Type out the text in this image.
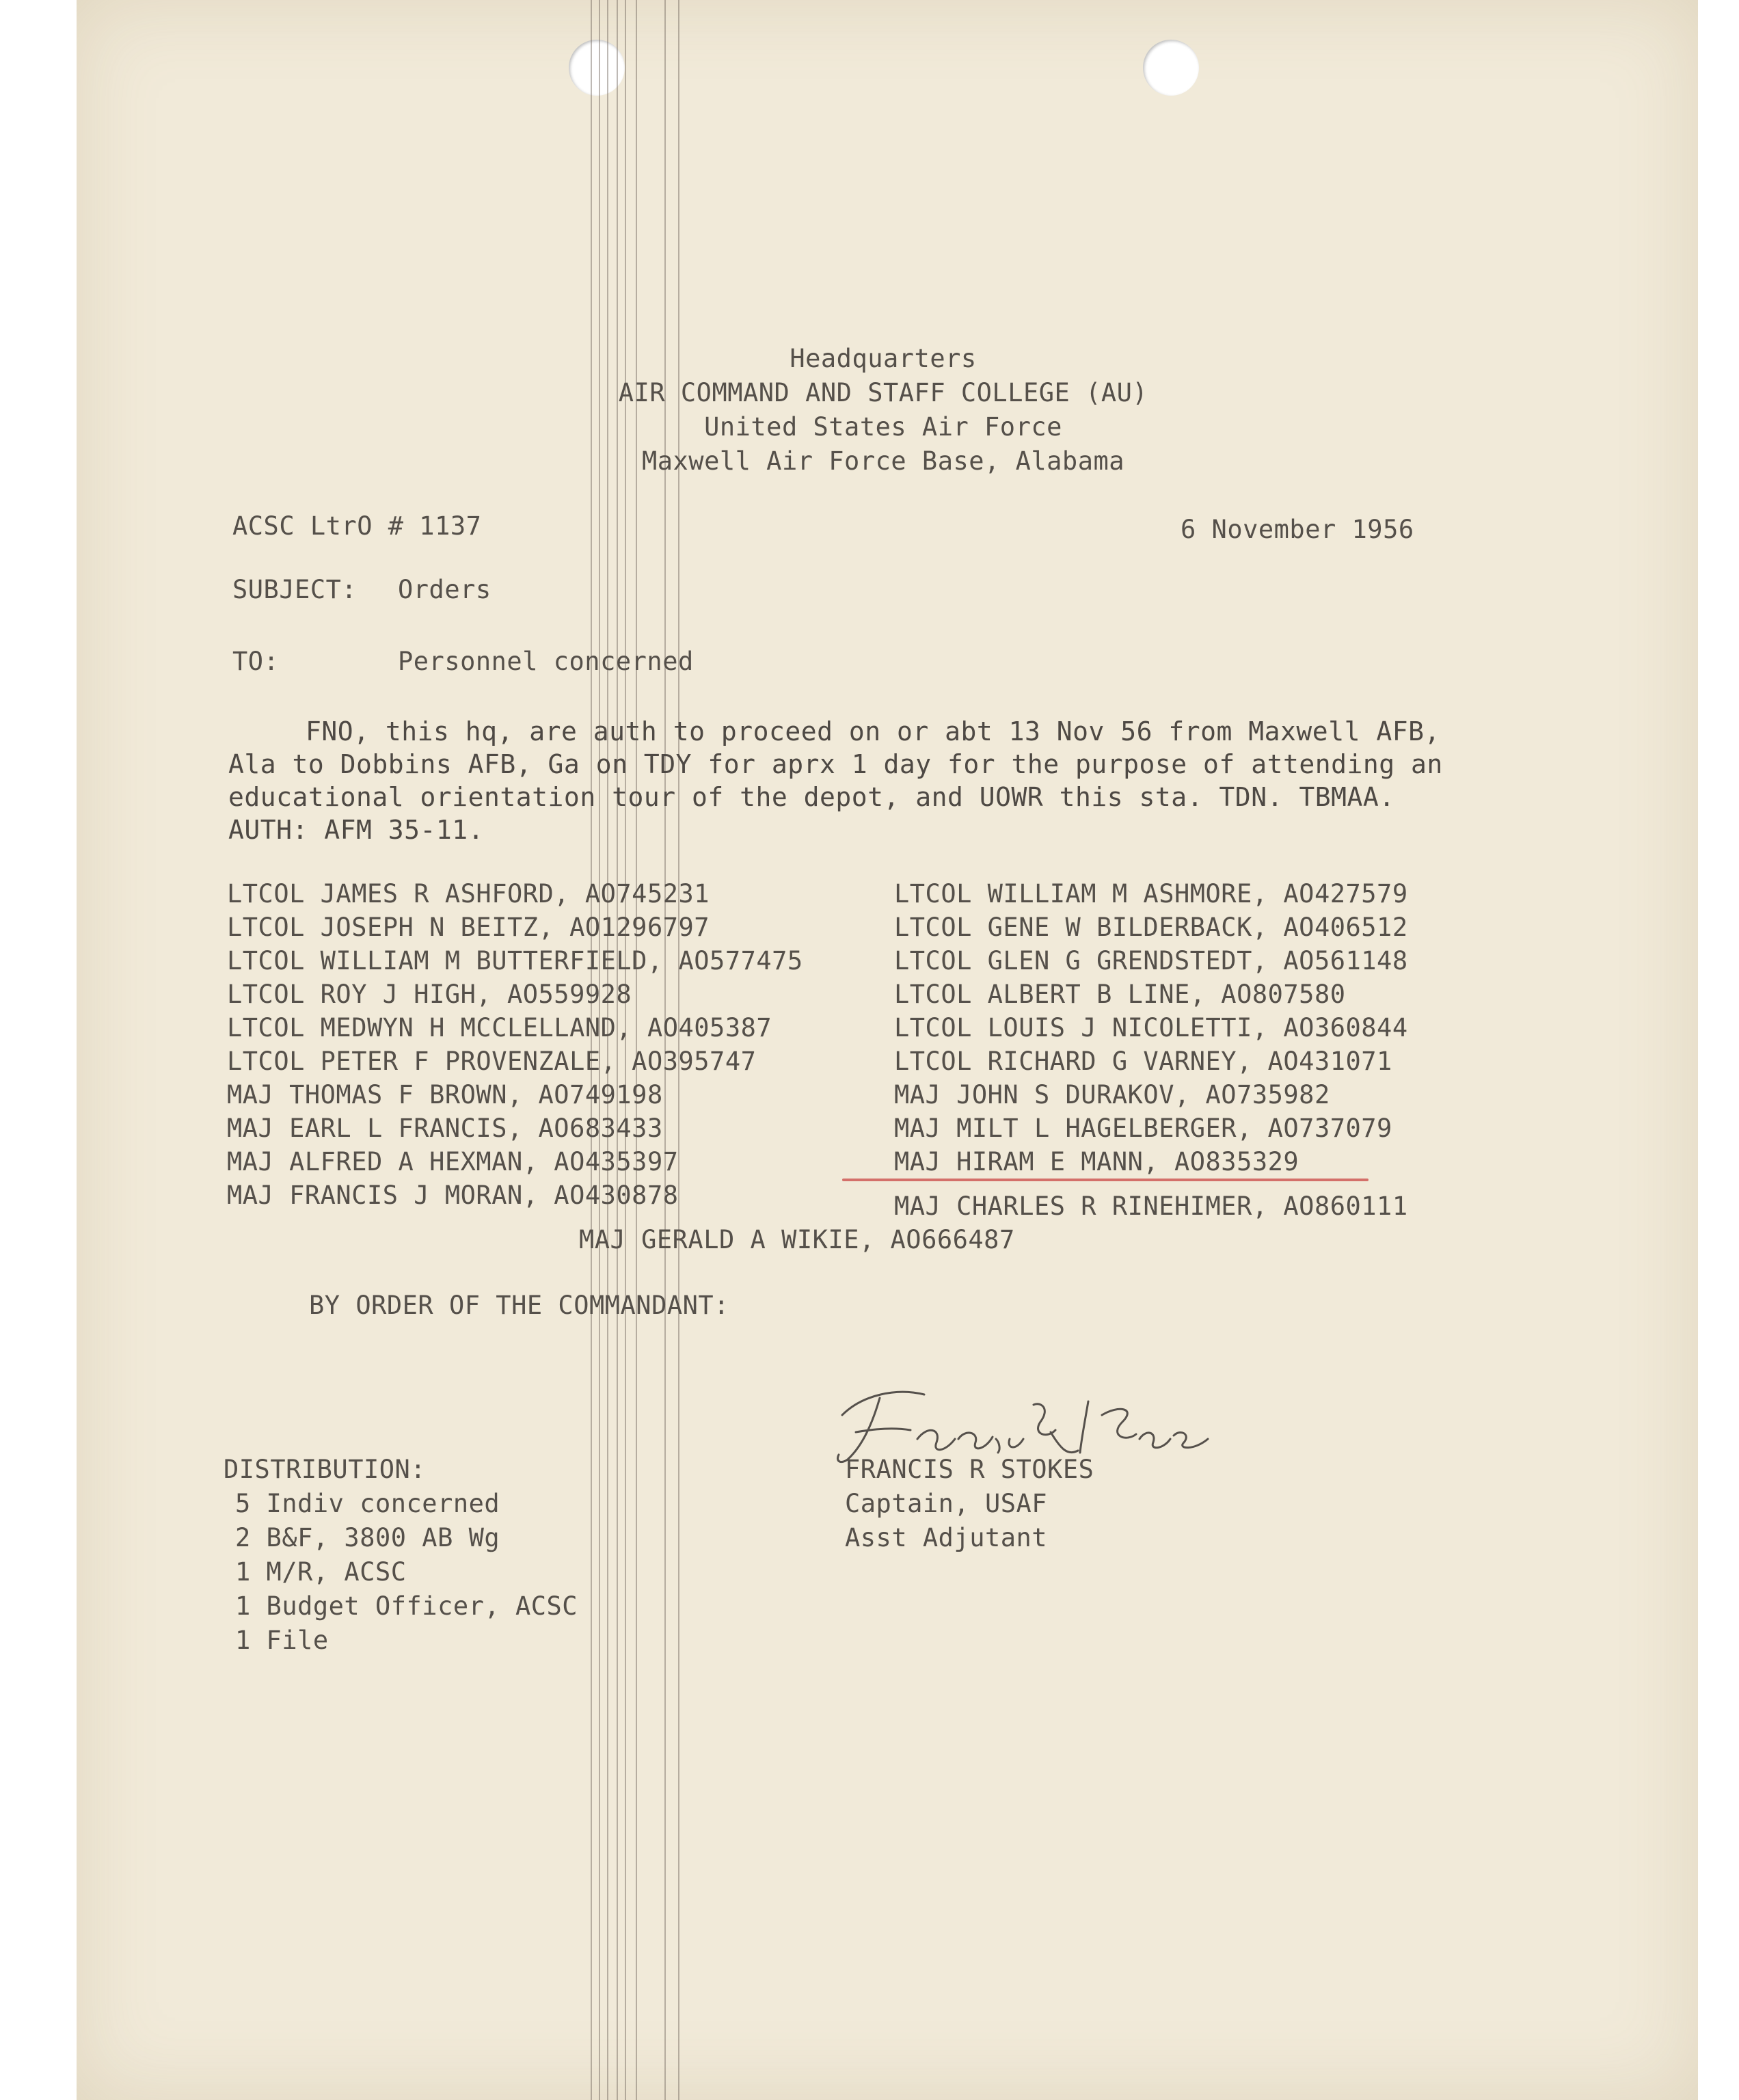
Headquarters
AIR COMMAND AND STAFF COLLEGE (AU)
United States Air Force
Maxwell Air Force Base, Alabama
ACSC LtrO # 1137	6 November 1956
SUBJECT: Orders
TO:	Personnel concerned
FNO, this hq, are auth to proceed on or abt 13 Nov 56 from Maxwell AFB,
Ala to Dobbins AFB, Ga on TDY for aprx 1 day for the purpose of attending an
educational orientation tour of the depot, and UOWR this sta. TDN. TBMAA.
AUTH: AFM 35-11.
LTCOL JAMES R ASHFORD, AO745231
LTCOL JOSEPH N BEITZ, AO1296797
LTCOL WILLIAM M BUTTERFIELD, AO577475
LTCOL ROY J HIGH, AO559928
LTCOL MEDWYN H MCCLELLAND, AO405387
LTCOL PETER F PROVENZALE, AO395747
MAJ THOMAS F BROWN, AO749198
MAJ EARL L FRANCIS, AO683433
MAJ ALFRED A HEXMAN, AO435397
MAJ FRANCIS J MORAN, AO430878
LTCOL WILLIAM M ASHMORE, AO427579
LTCOL GENE W BILDERBACK, AO406512
LTCOL GLEN G GRENDSTEDT, AO561148
LTCOL ALBERT B LINE, AO807580
LTCOL LOUIS J NICOLETTI, AO360844
LTCOL RICHARD G VARNEY, AO431071
MAJ JOHN S DURAKOV, AO735982
MAJ MILT L HAGELBERGER, AO737079
MAJ HIRAM E MANN, AO835329
MAJ CHARLES R RINEHIMER, AO860111
MAJ GERALD A WIKIE, AO666487
BY ORDER OF THE COMMANDANT:
Francis R Stokes FRANCIS R STOKES
Captain, USAF
Asst Adjutant
DISTRIBUTION:
5 Indiv concerned
2 B&F, 3800 AB Wg
1 M/R, ACSC
1 Budget Officer, ACSC
1 File
